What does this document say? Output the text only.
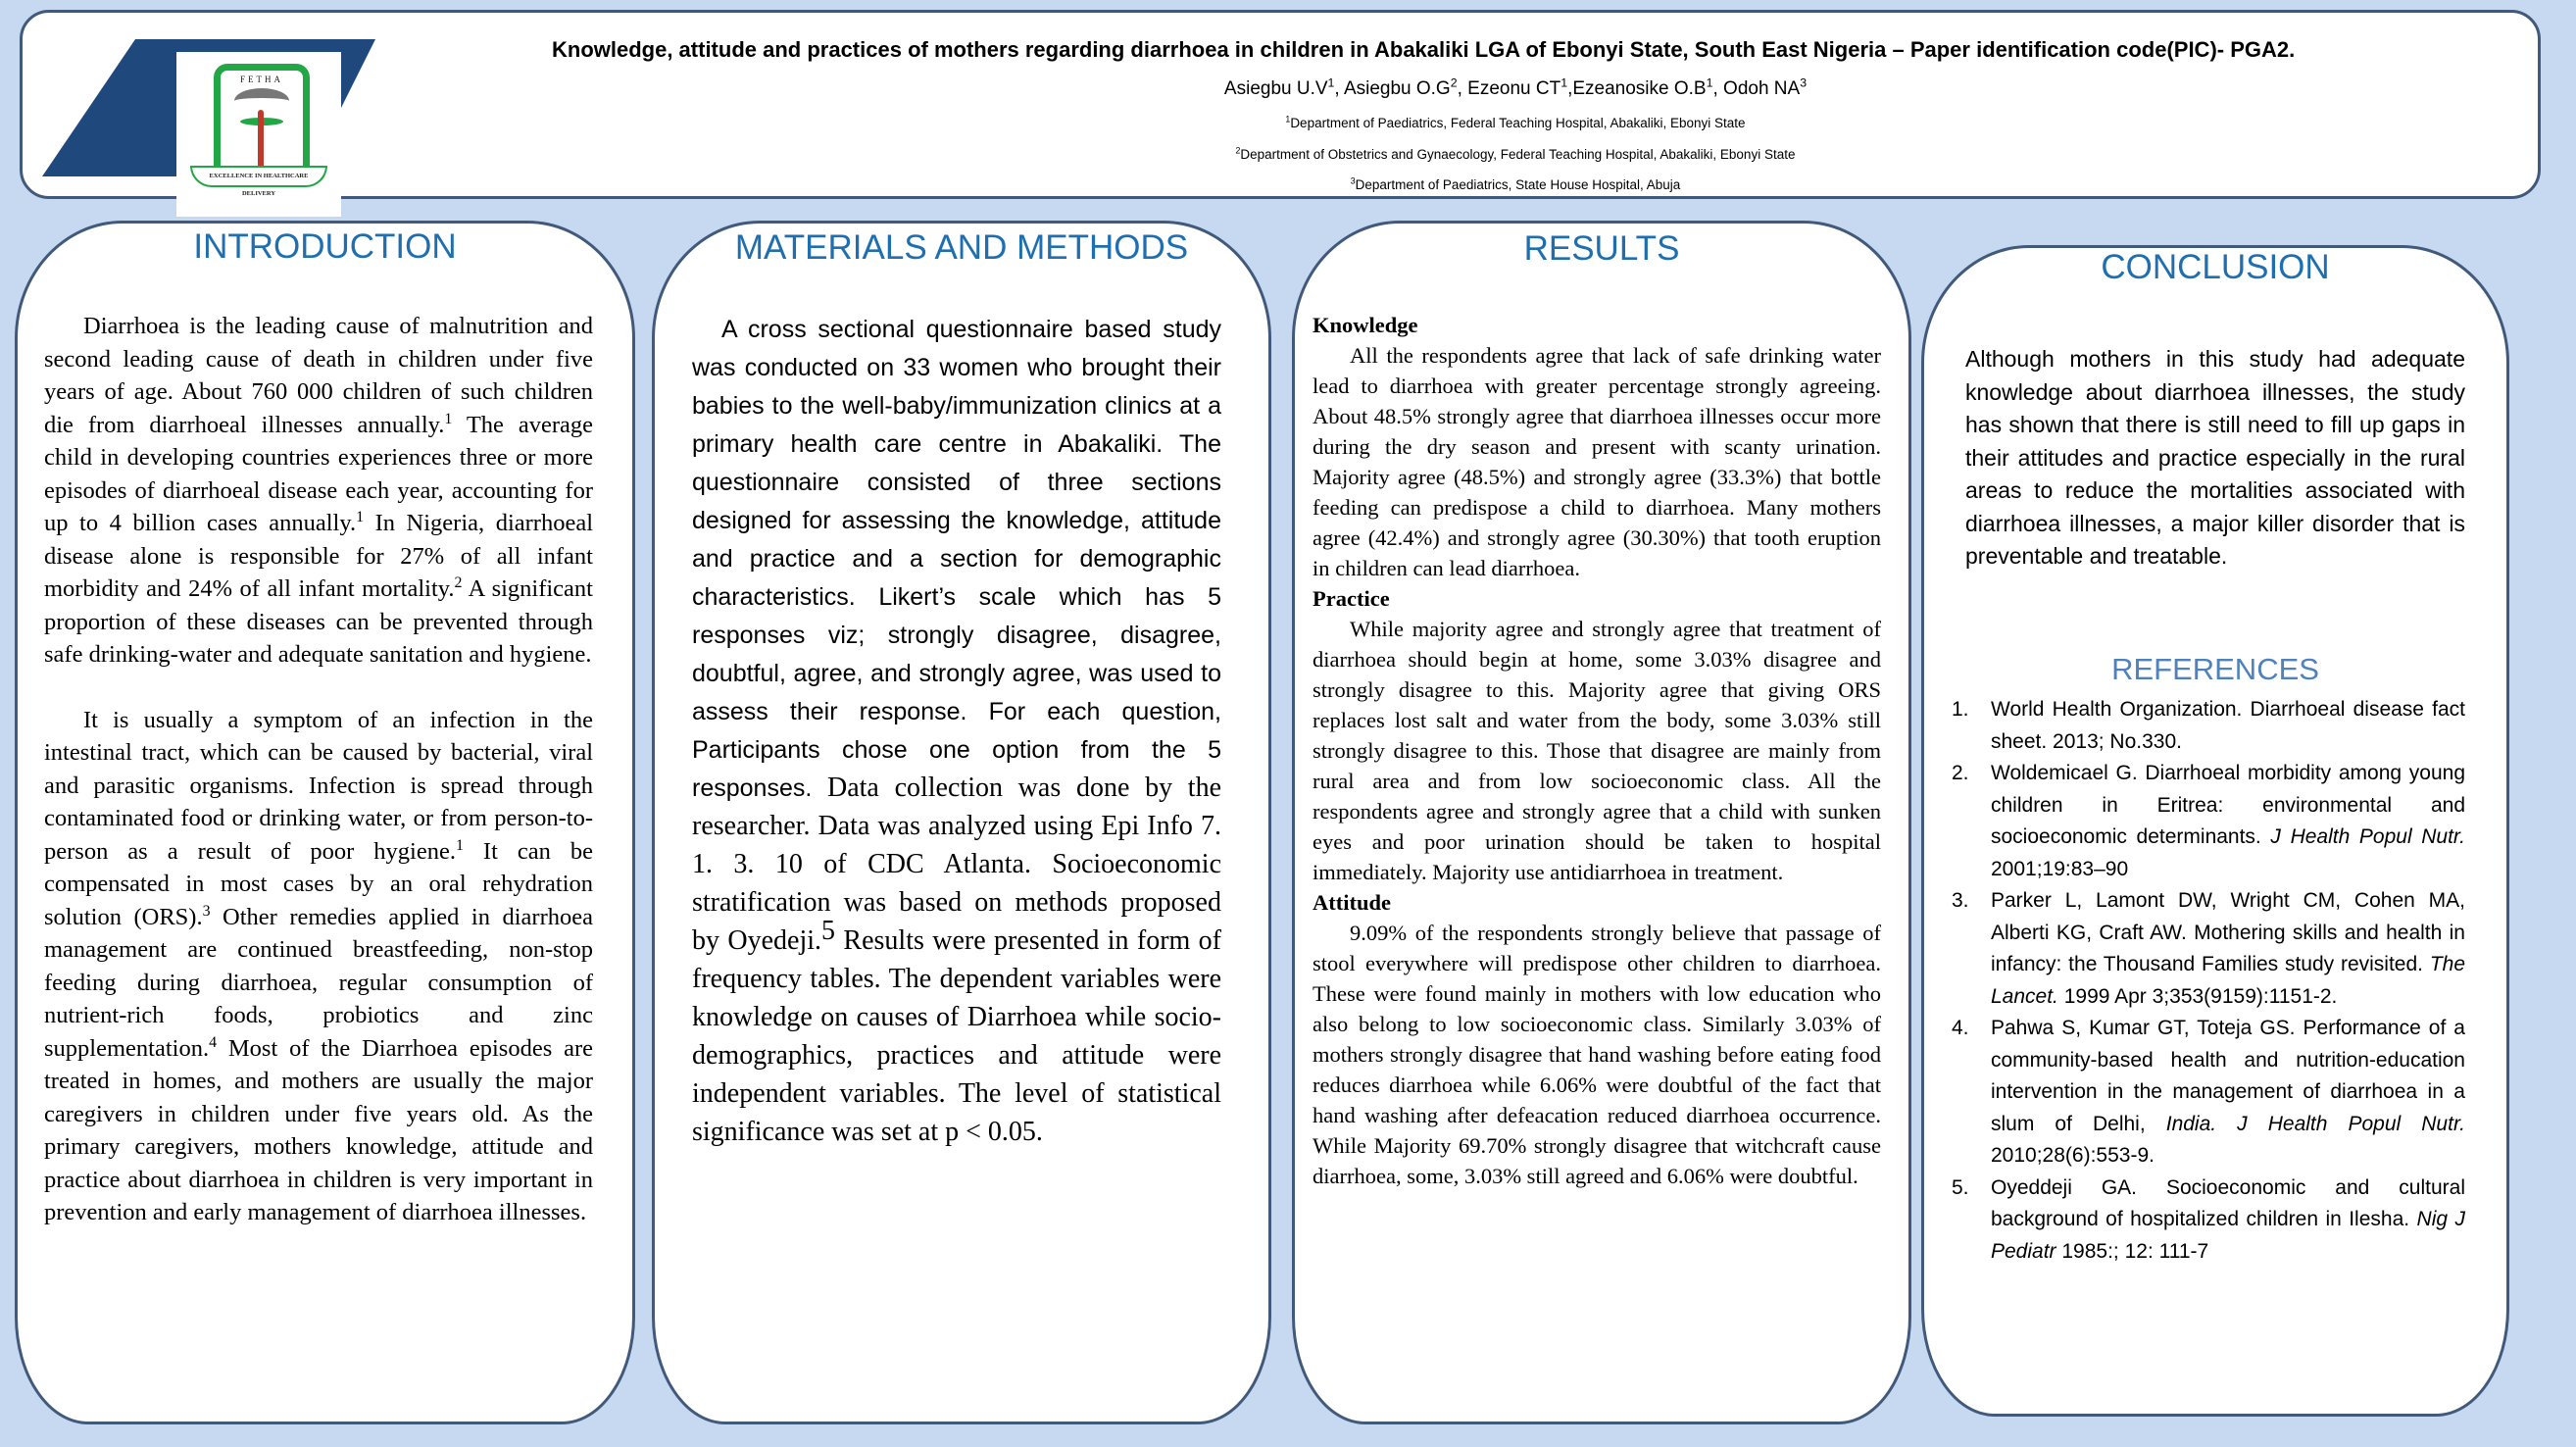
FETHA
EXCELLENCE IN HEALTHCARE DELIVERY
Knowledge, attitude and practices of mothers regarding diarrhoea in children in Abakaliki LGA of Ebonyi State, South East Nigeria – Paper identification code(PIC)- PGA2.
Asiegbu $U.V^1$, Asiegbu $O.G^2$, Ezeonu $CT^1,Ezeanosike$ $O.B^1$, Odoh $NA^3$
$^1$Department of Paediatrics, Federal Teaching Hospital, Abakaliki, Ebonyi State
$^2$Department of Obstetrics and Gynaecology, Federal Teaching Hospital, Abakaliki, Ebonyi State
$^3$Department of Paediatrics, State House Hospital, Abuja
INTRODUCTION

Diarrhoea is the leading cause of malnutrition and second leading cause of death in children under five years of age. About 760 000 children of such children die from diarrhoeal illnesses annually.$^1$ The average child in developing countries experiences three or more episodes of diarrhoeal disease each year, accounting for up to 4 billion cases annually.$^1$ In Nigeria, diarrhoeal disease alone is responsible for 27% of all infant morbidity and 24% of all infant mortality.$^2$ A significant proportion of these diseases can be prevented through safe drinking-water and adequate sanitation and hygiene.

It is usually a symptom of an infection in the intestinal tract, which can be caused by bacterial, viral and parasitic organisms. Infection is spread through contaminated food or drinking water, or from person-to-person as a result of poor hygiene.$^1$ It can be compensated in most cases by an oral rehydration solution (ORS).$^3$ Other remedies applied in diarrhoea management are continued breastfeeding, non-stop feeding during diarrhoea, regular consumption of nutrient-rich foods, probiotics and zinc supplementation.$^4$ Most of the Diarrhoea episodes are treated in homes, and mothers are usually the major caregivers in children under five years old. As the primary caregivers, mothers knowledge, attitude and practice about diarrhoea in children is very important in prevention and early management of diarrhoea illnesses.

MATERIALS AND METHODS
A cross sectional questionnaire based study was conducted on 33 women who brought their babies to the well-baby/immunization clinics at a primary health care centre in Abakaliki. The questionnaire consisted of three sections designed for assessing the knowledge, attitude and practice and a section for demographic characteristics. Likert’s scale which has 5 responses viz; strongly disagree, disagree, doubtful, agree, and strongly agree, was used to assess their response. For each question, Participants chose one option from the 5 responses. Data collection was done by the researcher. Data was analyzed using Epi Info 7. 1. 3. 10 of CDC Atlanta. Socioeconomic stratification was based on methods proposed by Oyedeji.$^5$ Results were presented in form of frequency tables. The dependent variables were knowledge on causes of Diarrhoea while socio-demographics, practices and attitude were independent variables. The level of statistical significance was set at p < 0.05.
RESULTS
Knowledge

All the respondents agree that lack of safe drinking water lead to diarrhoea with greater percentage strongly agreeing. About 48.5% strongly agree that diarrhoea illnesses occur more during the dry season and present with scanty urination. Majority agree (48.5%) and strongly agree (33.3%) that bottle feeding can predispose a child to diarrhoea. Many mothers agree (42.4%) and strongly agree (30.30%) that tooth eruption in children can lead diarrhoea.

Practice

While majority agree and strongly agree that treatment of diarrhoea should begin at home, some 3.03% disagree and strongly disagree to this. Majority agree that giving ORS replaces lost salt and water from the body, some 3.03% still strongly disagree to this. Those that disagree are mainly from rural area and from low socioeconomic class. All the respondents agree and strongly agree that a child with sunken eyes and poor urination should be taken to hospital immediately. Majority use antidiarrhoea in treatment.

Attitude

9.09% of the respondents strongly believe that passage of stool everywhere will predispose other children to diarrhoea. These were found mainly in mothers with low education who also belong to low socioeconomic class. Similarly 3.03% of mothers strongly disagree that hand washing before eating food reduces diarrhoea while 6.06% were doubtful of the fact that hand washing after defeacation reduced diarrhoea occurrence. While Majority 69.70% strongly disagree that witchcraft cause diarrhoea, some, 3.03% still agreed and 6.06% were doubtful.

CONCLUSION
Although mothers in this study had adequate knowledge about diarrhoea illnesses, the study has shown that there is still need to fill up gaps in their attitudes and practice especially in the rural areas to reduce the mortalities associated with diarrhoea illnesses, a major killer disorder that is preventable and treatable.
REFERENCES
1.	World Health Organization. Diarrhoeal disease fact sheet. 2013; No.330.
2.	Woldemicael G. Diarrhoeal morbidity among young children in Eritrea: environmental and socioeconomic determinants. J Health Popul Nutr. 2001;19:83–90
3.	Parker L, Lamont DW, Wright CM, Cohen MA, Alberti KG, Craft AW. Mothering skills and health in infancy: the Thousand Families study revisited. The Lancet. 1999 Apr 3;353(9159):1151-2.
4.	Pahwa S, Kumar GT, Toteja GS. Performance of a community-based health and nutrition-education intervention in the management of diarrhoea in a slum of Delhi, India. J Health Popul Nutr. 2010;28(6):553-9.
5.	Oyeddeji GA. Socioeconomic and cultural background of hospitalized children in Ilesha. Nig J Pediatr 1985:; 12: 111-7
